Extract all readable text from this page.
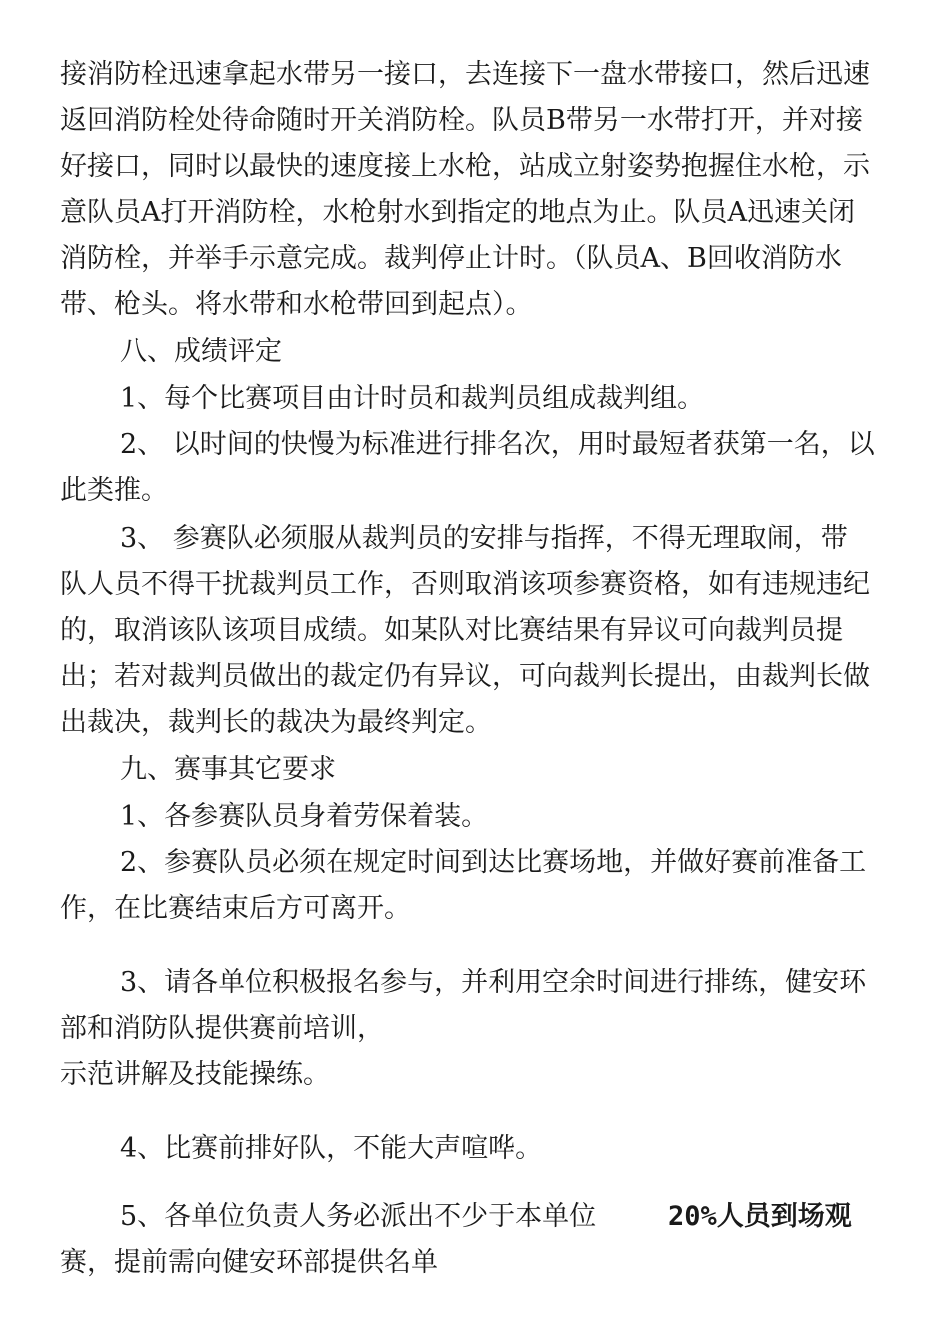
接消防栓迅速拿起水带另一接口，去连接下一盘水带接口，然后迅速

返回消防栓处待命随时开关消防栓。队员B带另一水带打开，并对接

好接口，同时以最快的速度接上水枪，站成立射姿势抱握住水枪，示

意队员A打开消防栓，水枪射水到指定的地点为止。队员A迅速关闭

消防栓，并举手示意完成。裁判停止计时。（队员A、B回收消防水

带、枪头。将水带和水枪带回到起点）。

八、成绩评定

1、每个比赛项目由计时员和裁判员组成裁判组。

2、 以时间的快慢为标准进行排名次，用时最短者获第一名，以

此类推。

3、 参赛队必须服从裁判员的安排与指挥，不得无理取闹，带

队人员不得干扰裁判员工作，否则取消该项参赛资格，如有违规违纪

的，取消该队该项目成绩。如某队对比赛结果有异议可向裁判员提

出；若对裁判员做出的裁定仍有异议，可向裁判长提出，由裁判长做

出裁决，裁判长的裁决为最终判定。

九、赛事其它要求

1、各参赛队员身着劳保着装。

2、参赛队员必须在规定时间到达比赛场地，并做好赛前准备工

作，在比赛结束后方可离开。

3、请各单位积极报名参与，并利用空余时间进行排练，健安环

部和消防队提供赛前培训，

示范讲解及技能操练。

4、比赛前排好队，不能大声喧哗。

5、各单位负责人务必派出不少于本单位	20%人员到场观

赛，提前需向健安环部提供名单
